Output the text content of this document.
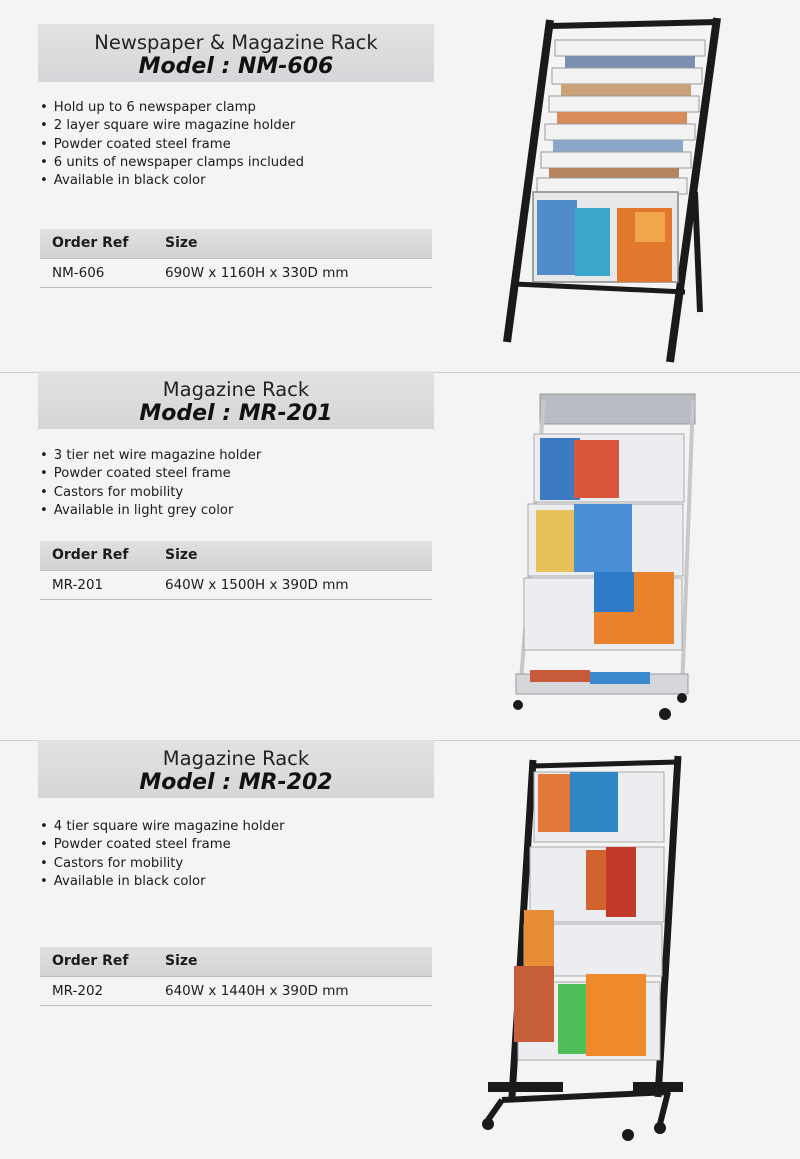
Newspaper & Magazine Rack
Model : NM-606
• Hold up to 6 newspaper clamp
• 2 layer square wire magazine holder
• Powder coated steel frame
• 6 units of newspaper clamps included
• Available in black color
Order Ref	Size
NM-606	690W x 1160H x 330D mm
Magazine Rack
Model : MR-201
• 3 tier net wire magazine holder
• Powder coated steel frame
• Castors for mobility
• Available in light grey color
Order Ref	Size
MR-201	640W x 1500H x 390D mm
Magazine Rack
Model : MR-202
• 4 tier square wire magazine holder
• Powder coated steel frame
• Castors for mobility
• Available in black color
Order Ref	Size
MR-202	640W x 1440H x 390D mm
